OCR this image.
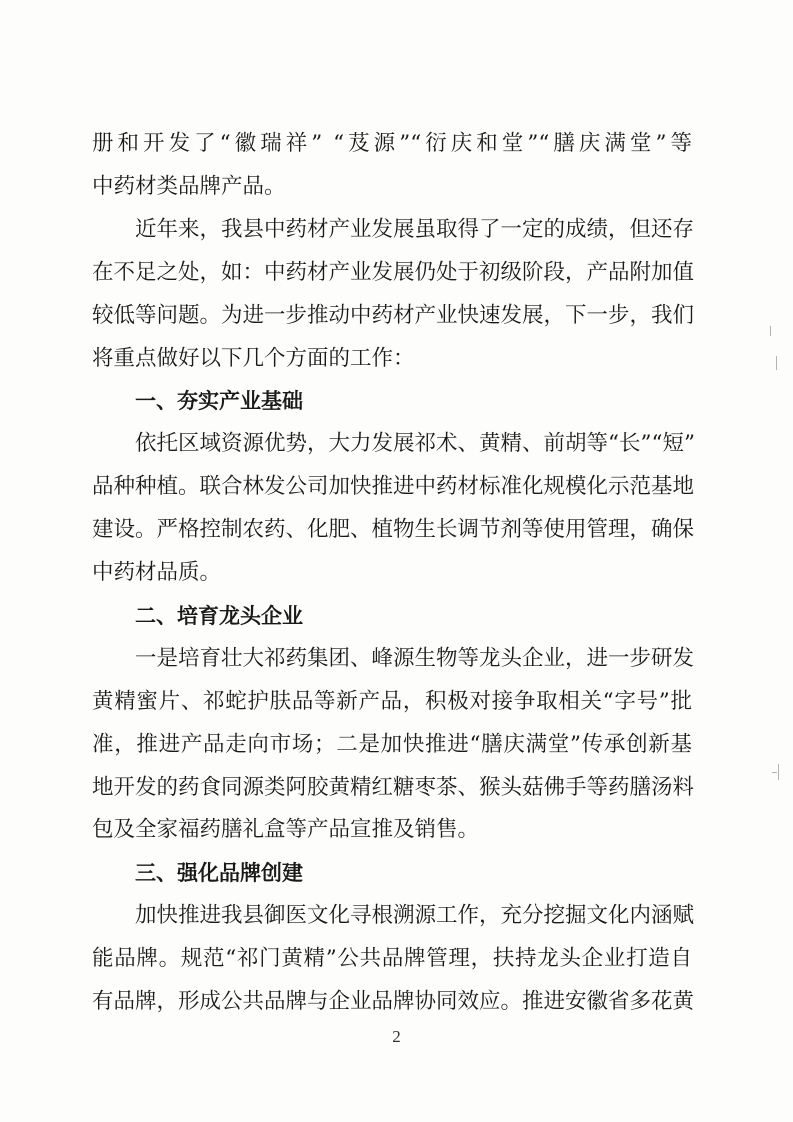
册和开发了“徽瑞祥” “芨源”“衍庆和堂”“膳庆满堂”等
中药材类品牌产品。
近年来，我县中药材产业发展虽取得了一定的成绩，但还存
在不足之处，如：中药材产业发展仍处于初级阶段，产品附加值
较低等问题。为进一步推动中药材产业快速发展，下一步，我们
将重点做好以下几个方面的工作：
一、夯实产业基础
依托区域资源优势，大力发展祁术、黄精、前胡等“长”“短”
品种种植。联合林发公司加快推进中药材标准化规模化示范基地
建设。严格控制农药、化肥、植物生长调节剂等使用管理，确保
中药材品质。
二、培育龙头企业
一是培育壮大祁药集团、峰源生物等龙头企业，进一步研发
黄精蜜片、祁蛇护肤品等新产品，积极对接争取相关“字号”批
准，推进产品走向市场；二是加快推进“膳庆满堂”传承创新基
地开发的药食同源类阿胶黄精红糖枣茶、猴头菇佛手等药膳汤料
包及全家福药膳礼盒等产品宣推及销售。
三、强化品牌创建
加快推进我县御医文化寻根溯源工作，充分挖掘文化内涵赋
能品牌。规范“祁门黄精”公共品牌管理，扶持龙头企业打造自
有品牌，形成公共品牌与企业品牌协同效应。推进安徽省多花黄
2
